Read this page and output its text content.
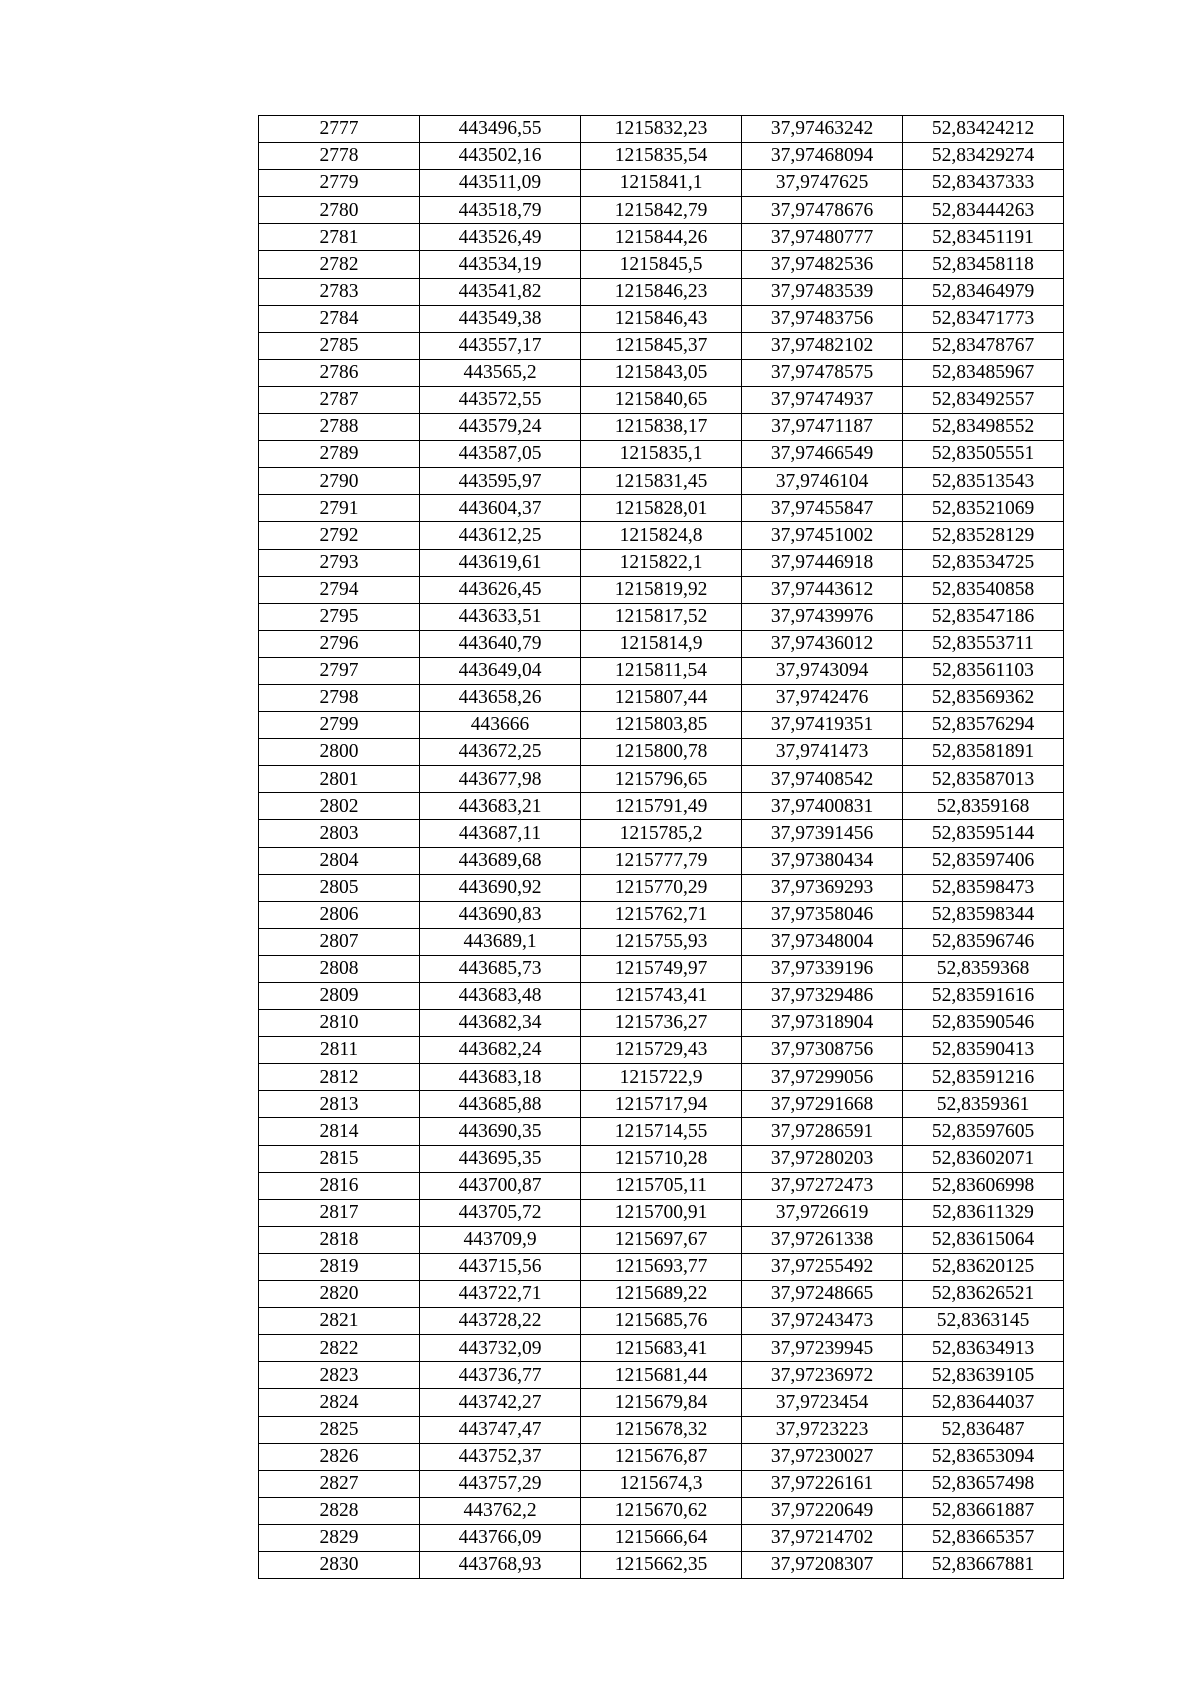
2777	443496,55	1215832,23	37,97463242	52,83424212
2778	443502,16	1215835,54	37,97468094	52,83429274
2779	443511,09	1215841,1	37,9747625	52,83437333
2780	443518,79	1215842,79	37,97478676	52,83444263
2781	443526,49	1215844,26	37,97480777	52,83451191
2782	443534,19	1215845,5	37,97482536	52,83458118
2783	443541,82	1215846,23	37,97483539	52,83464979
2784	443549,38	1215846,43	37,97483756	52,83471773
2785	443557,17	1215845,37	37,97482102	52,83478767
2786	443565,2	1215843,05	37,97478575	52,83485967
2787	443572,55	1215840,65	37,97474937	52,83492557
2788	443579,24	1215838,17	37,97471187	52,83498552
2789	443587,05	1215835,1	37,97466549	52,83505551
2790	443595,97	1215831,45	37,9746104	52,83513543
2791	443604,37	1215828,01	37,97455847	52,83521069
2792	443612,25	1215824,8	37,97451002	52,83528129
2793	443619,61	1215822,1	37,97446918	52,83534725
2794	443626,45	1215819,92	37,97443612	52,83540858
2795	443633,51	1215817,52	37,97439976	52,83547186
2796	443640,79	1215814,9	37,97436012	52,83553711
2797	443649,04	1215811,54	37,9743094	52,83561103
2798	443658,26	1215807,44	37,9742476	52,83569362
2799	443666	1215803,85	37,97419351	52,83576294
2800	443672,25	1215800,78	37,9741473	52,83581891
2801	443677,98	1215796,65	37,97408542	52,83587013
2802	443683,21	1215791,49	37,97400831	52,8359168
2803	443687,11	1215785,2	37,97391456	52,83595144
2804	443689,68	1215777,79	37,97380434	52,83597406
2805	443690,92	1215770,29	37,97369293	52,83598473
2806	443690,83	1215762,71	37,97358046	52,83598344
2807	443689,1	1215755,93	37,97348004	52,83596746
2808	443685,73	1215749,97	37,97339196	52,8359368
2809	443683,48	1215743,41	37,97329486	52,83591616
2810	443682,34	1215736,27	37,97318904	52,83590546
2811	443682,24	1215729,43	37,97308756	52,83590413
2812	443683,18	1215722,9	37,97299056	52,83591216
2813	443685,88	1215717,94	37,97291668	52,8359361
2814	443690,35	1215714,55	37,97286591	52,83597605
2815	443695,35	1215710,28	37,97280203	52,83602071
2816	443700,87	1215705,11	37,97272473	52,83606998
2817	443705,72	1215700,91	37,9726619	52,83611329
2818	443709,9	1215697,67	37,97261338	52,83615064
2819	443715,56	1215693,77	37,97255492	52,83620125
2820	443722,71	1215689,22	37,97248665	52,83626521
2821	443728,22	1215685,76	37,97243473	52,8363145
2822	443732,09	1215683,41	37,97239945	52,83634913
2823	443736,77	1215681,44	37,97236972	52,83639105
2824	443742,27	1215679,84	37,9723454	52,83644037
2825	443747,47	1215678,32	37,9723223	52,836487
2826	443752,37	1215676,87	37,97230027	52,83653094
2827	443757,29	1215674,3	37,97226161	52,83657498
2828	443762,2	1215670,62	37,97220649	52,83661887
2829	443766,09	1215666,64	37,97214702	52,83665357
2830	443768,93	1215662,35	37,97208307	52,83667881
